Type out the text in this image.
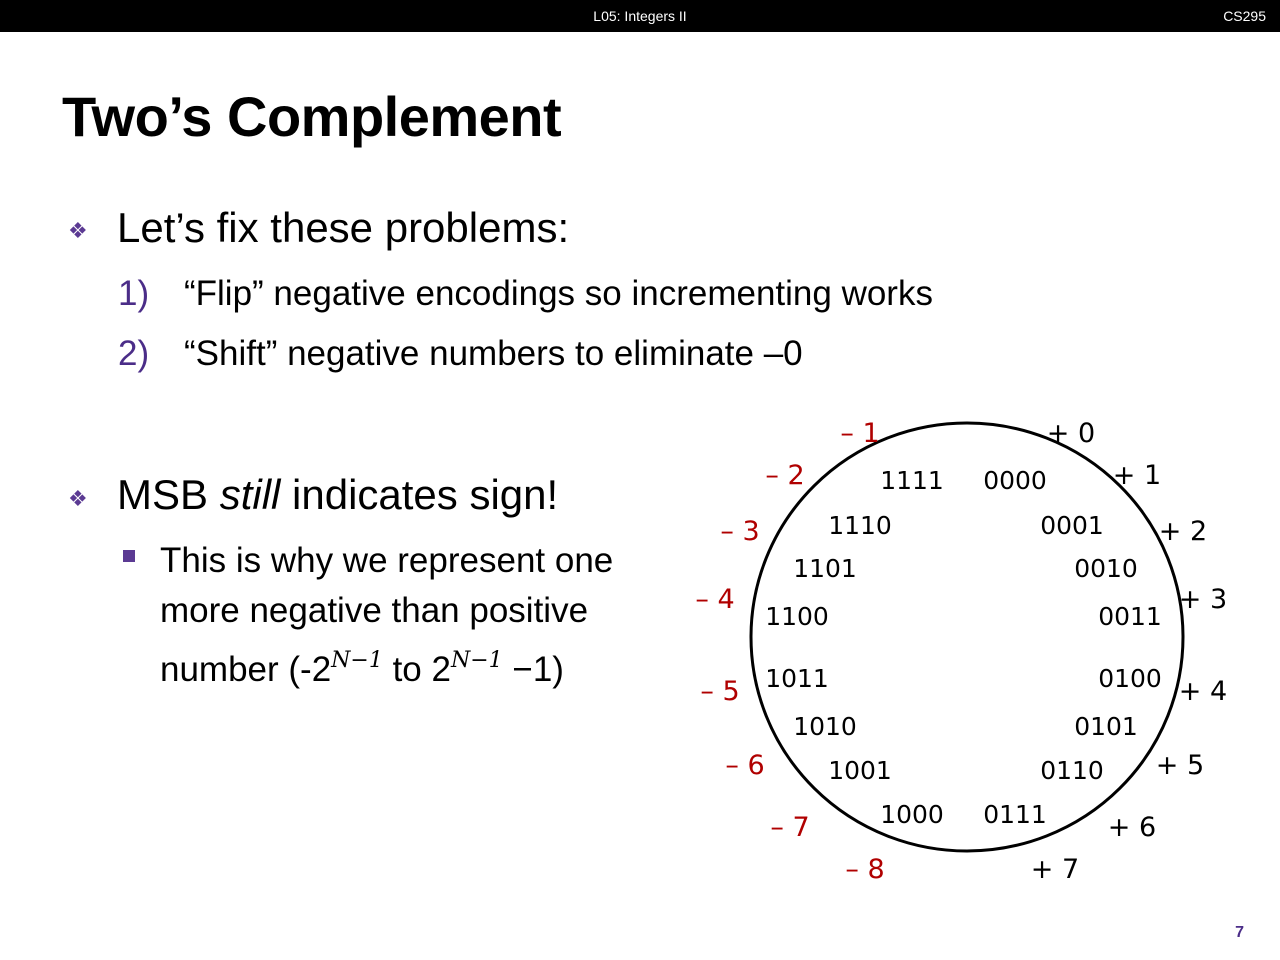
L05: Integers II	CS295
Two’s Complement
❖ Let’s fix these problems:
1) “Flip” negative encodings so incrementing works
2) “Shift” negative numbers to eliminate –0
❖ MSB still indicates sign!
This is why we represent one
more negative than positive
number ($-2^{N-1}$ to $2^{N-1} -1$)
0000
+ 0
0001
+ 1
0010
+ 2
0011
+ 3
0100 + 4
0101
+ 5
0110
+ 6
0111
+ 7
1000
– 8
1001
– 7
1010
– 6
1011
– 5
1100
– 4
1101
– 3	1110
– 2	1111
– 1
7
